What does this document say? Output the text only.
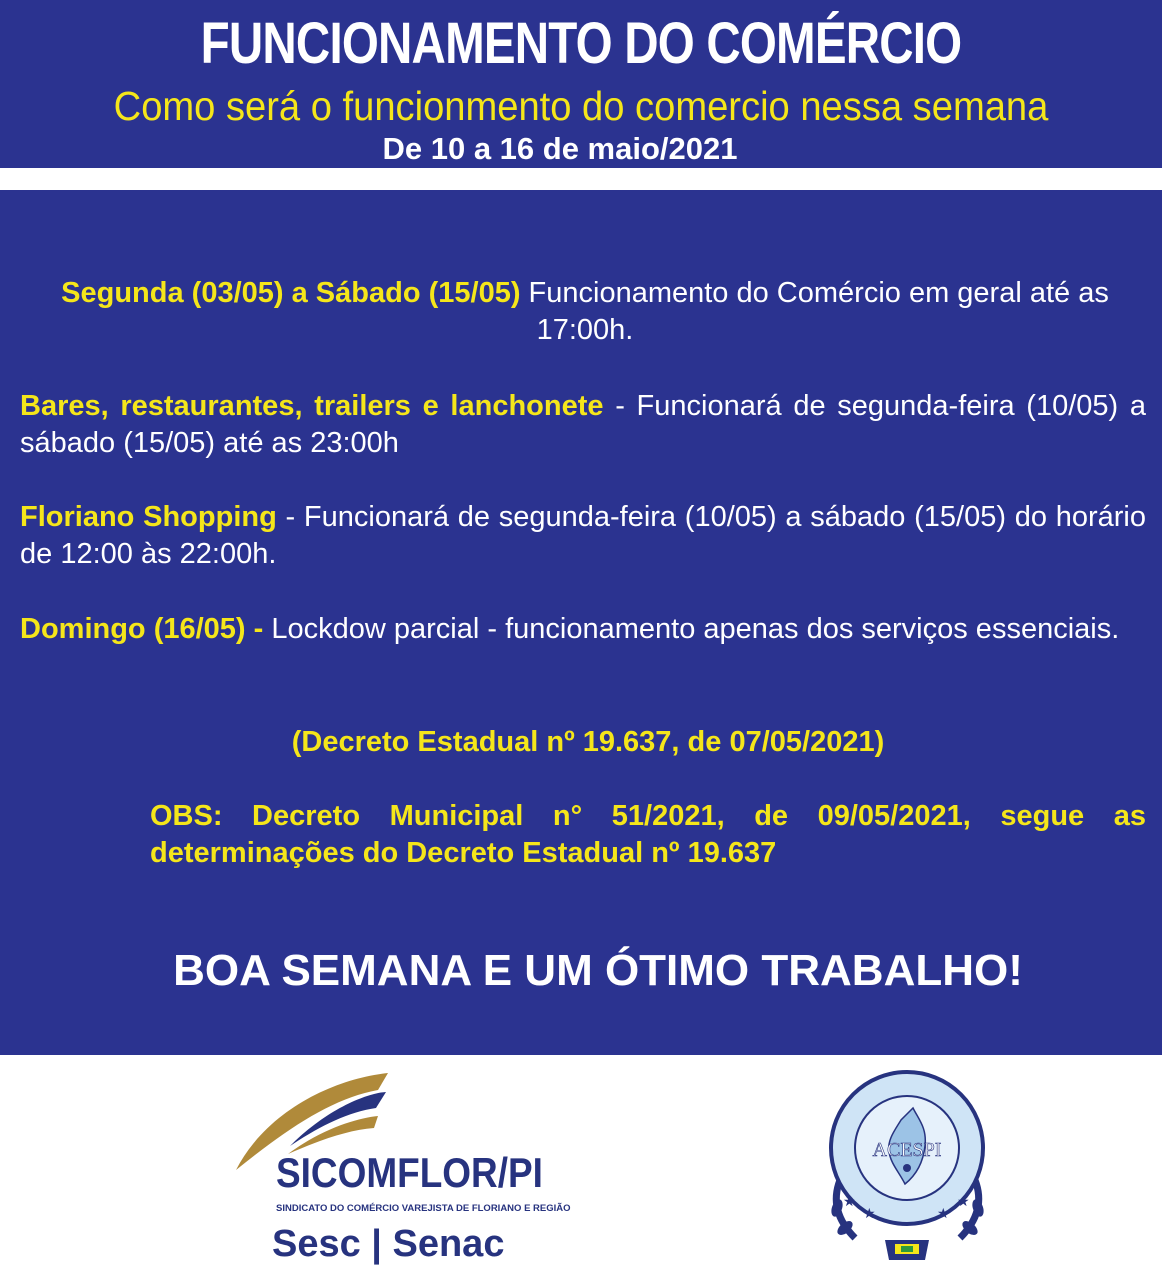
FUNCIONAMENTO DO COMÉRCIO
Como será o funcionmento do comercio nessa semana
De 10 a 16 de maio/2021
Segunda (03/05) a Sábado (15/05) Funcionamento do Comércio em geral até as 17:00h.
Bares, restaurantes, trailers e lanchonete - Funcionará de segunda-feira (10/05) a sábado (15/05) até as 23:00h
Floriano Shopping - Funcionará de segunda-feira (10/05) a sábado (15/05) do horário de 12:00 às 22:00h.
Domingo (16/05) - Lockdow parcial - funcionamento apenas dos serviços essenciais.
(Decreto Estadual nº 19.637, de 07/05/2021)
OBS: Decreto Municipal n° 51/2021, de 09/05/2021, segue as determinações do Decreto Estadual nº 19.637
BOA SEMANA E UM ÓTIMO TRABALHO!
SICOMFLOR/PI
SINDICATO DO COMÉRCIO VAREJISTA DE FLORIANO E REGIÃO
Sesc | Senac
ACESPI
★
★	★
★
